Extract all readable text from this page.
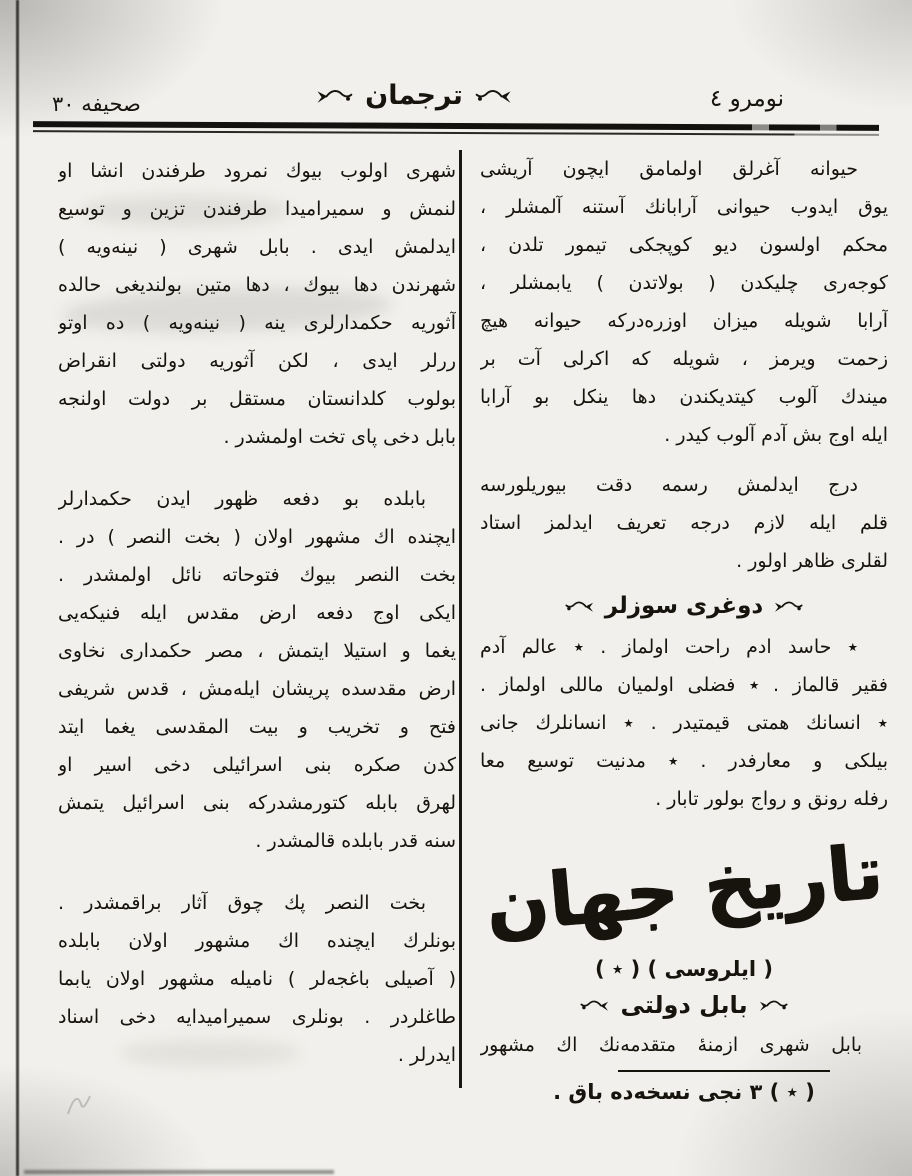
نومرو ٤
ترجمان
صحيفه ٣٠
شهرى اولوب بيوك نمرود طرفندن انشا او
لنمش و سميراميدا طرفندن تزين و توسيع
ايدلمش ايدى . بابل شهرى ( نينه‌ويه )
شهرندن دها بيوك ، دها متين بولنديغى حالده
آثوريه حكمدارلرى ينه ( نينه‌ويه ) ده اوتو
ررلر ايدى ، لكن آثوريه دولتى انقراض
بولوب كلدانستان مستقل بر دولت اولنجه
بابل دخى پاى تخت اولمشدر .
بابلده بو دفعه ظهور ايدن حكمدارلر
ايچنده اك مشهور اولان ( بخت النصر ) در .
بخت النصر بيوك فتوحاته نائل اولمشدر .
ايكى اوج دفعه ارض مقدس ايله فنيكه‌يى
يغما و استيلا ايتمش ، مصر حكمدارى نخاوى
ارض مقدسده پريشان ايله‌مش ، قدس شريفى
فتح و تخريب و بيت المقدسى يغما ايتد
كدن صكره بنى اسرائيلى دخى اسير او
لهرق بابله كتورمشدركه بنى اسرائيل يتمش
سنه قدر بابلده قالمشدر .
بخت النصر پك چوق آثار براقمشدر .
بونلرك ايچنده اك مشهور اولان بابلده
( آصيلى باغجه‌لر ) ناميله مشهور اولان يابما
طاغلردر . بونلرى سميراميدايه دخى اسناد
ايدرلر .
حيوانه آغرلق اولمامق ايچون آريشى
يوق ايدوب حيوانى آرابانك آستنه آلمشلر ،
محكم اولسون ديو كوپجكى تيمور تلدن ،
كوجه‌رى چليكدن ( بولاتدن ) يابمشلر ،
آرابا شويله ميزان اوزره‌دركه حيوانه هيچ
زحمت ويرمز ، شويله كه اكرلى آت بر
ميندك آلوب كيتديكندن دها ينكل بو آرابا
ايله اوج بش آدم آلوب كيدر .
درج ايدلمش رسمه دقت بيوريلورسه
قلم ايله لازم درجه تعريف ايدلمز استاد
لقلرى ظاهر اولور .
دوغرى سوزلر
٭ حاسد ادم راحت اولماز . ٭ عالم آدم
فقير قالماز . ٭ فضلى اولميان ماللى اولماز .
٭ انسانك همتى قيمتيدر . ٭ انسانلرك جانى
بيلكى و معارفدر . ٭ مدنيت توسيع معا
رفله رونق و رواج بولور تابار .
تاريخ جهان
( ايلروسى ) ( ٭ )
بابل دولتى
بابل شهرى ازمنهٔ متقدمه‌نك اك مشهور
( ٭ ) ٣ نجى نسخه‌ده باق .
